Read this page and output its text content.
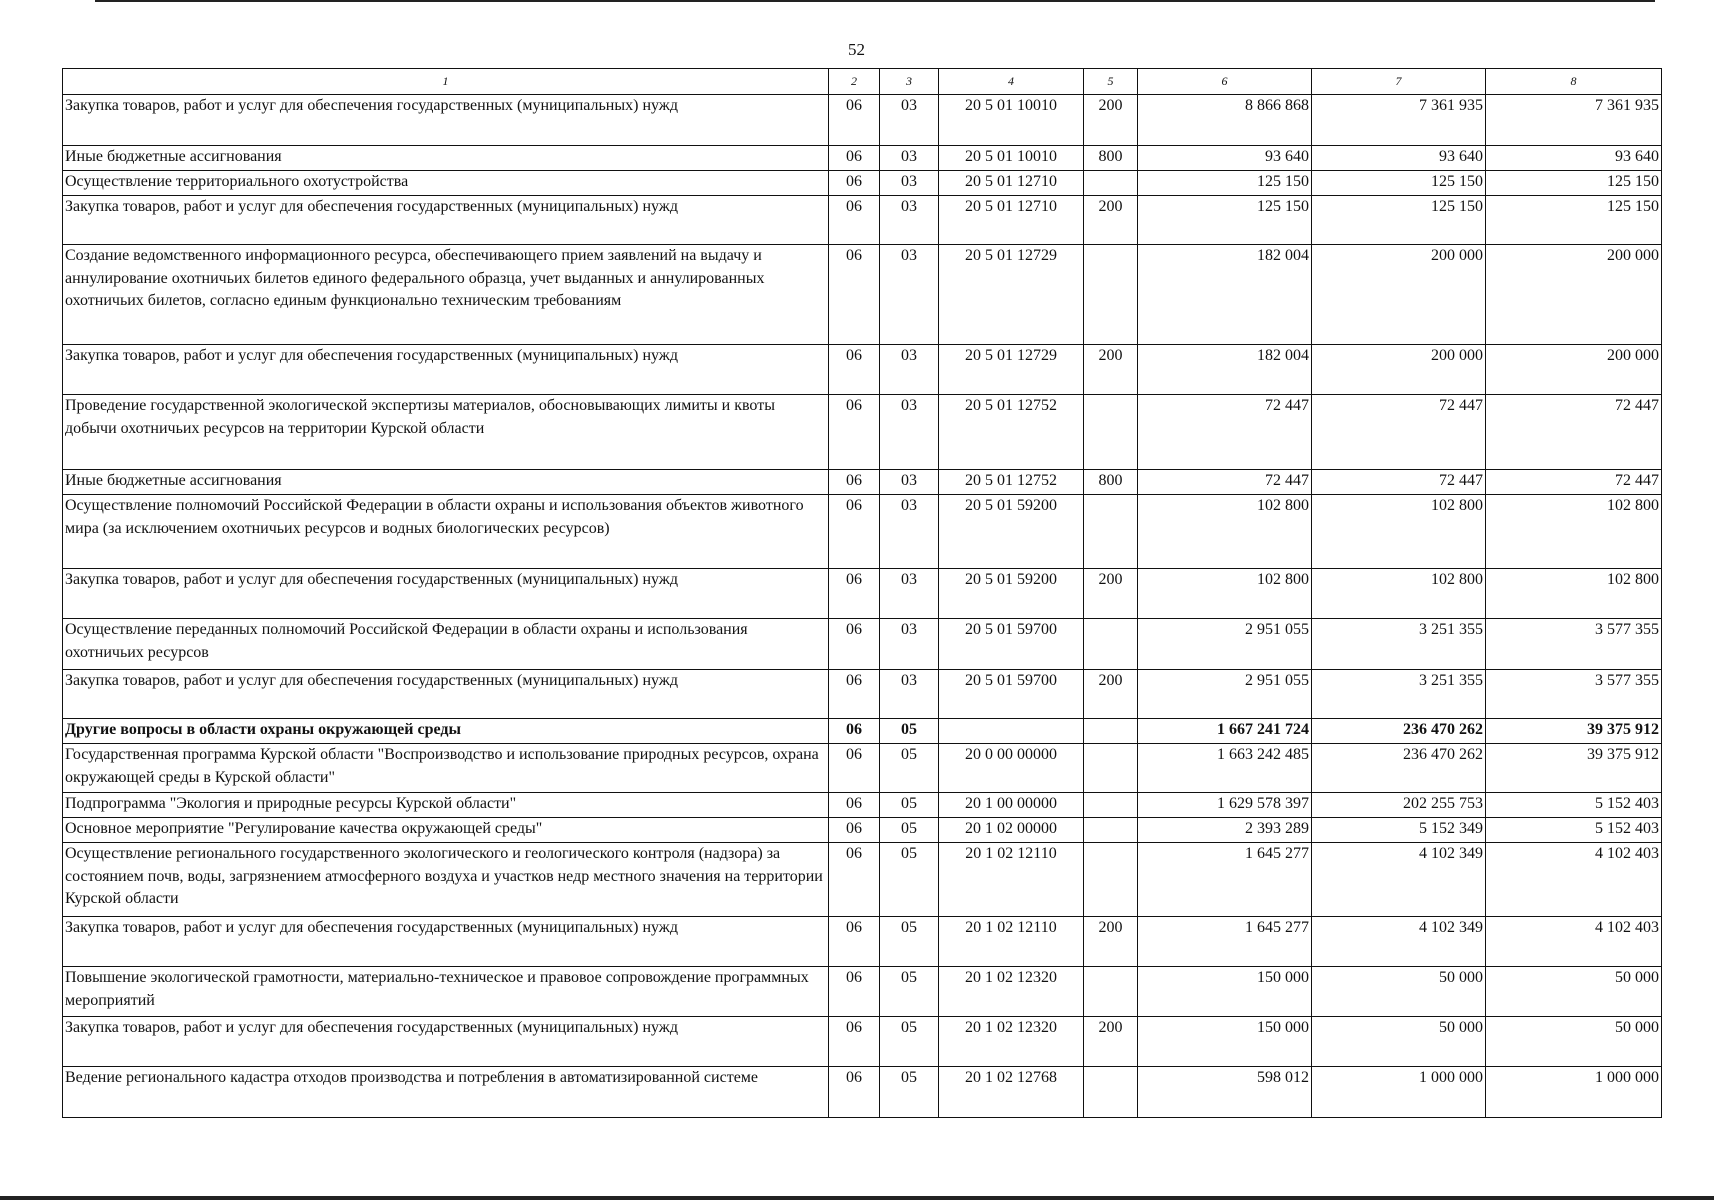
52
1	2	3	4	5	6	7	8
Закупка товаров, работ и услуг для обеспечения государственных (муниципальных) нужд	06	03	20 5 01 10010	200	8 866 868	7 361 935	7 361 935
Иные бюджетные ассигнования	06	03	20 5 01 10010	800	93 640	93 640	93 640
Осуществление территориального охотустройства	06	03	20 5 01 12710		125 150	125 150	125 150
Закупка товаров, работ и услуг для обеспечения государственных (муниципальных) нужд	06	03	20 5 01 12710	200	125 150	125 150	125 150
Создание ведомственного информационного ресурса, обеспечивающего прием заявлений на выдачу и аннулирование охотничьих билетов единого федерального образца, учет выданных и аннулированных охотничьих билетов, согласно единым функционально техническим требованиям	06	03	20 5 01 12729		182 004	200 000	200 000
Закупка товаров, работ и услуг для обеспечения государственных (муниципальных) нужд	06	03	20 5 01 12729	200	182 004	200 000	200 000
Проведение государственной экологической экспертизы материалов, обосновывающих лимиты и квоты добычи охотничьих ресурсов на территории Курской области	06	03	20 5 01 12752		72 447	72 447	72 447
Иные бюджетные ассигнования	06	03	20 5 01 12752	800	72 447	72 447	72 447
Осуществление полномочий Российской Федерации в области охраны и использования объектов животного мира (за исключением охотничьих ресурсов и водных биологических ресурсов)	06	03	20 5 01 59200		102 800	102 800	102 800
Закупка товаров, работ и услуг для обеспечения государственных (муниципальных) нужд	06	03	20 5 01 59200	200	102 800	102 800	102 800
Осуществление переданных полномочий Российской Федерации в области охраны и использования охотничьих ресурсов	06	03	20 5 01 59700		2 951 055	3 251 355	3 577 355
Закупка товаров, работ и услуг для обеспечения государственных (муниципальных) нужд	06	03	20 5 01 59700	200	2 951 055	3 251 355	3 577 355
Другие вопросы в области охраны окружающей среды	06	05			1 667 241 724	236 470 262	39 375 912
Государственная программа Курской области "Воспроизводство и использование природных ресурсов, охрана окружающей среды в Курской области"	06	05	20 0 00 00000		1 663 242 485	236 470 262	39 375 912
Подпрограмма "Экология и природные ресурсы Курской области"	06	05	20 1 00 00000		1 629 578 397	202 255 753	5 152 403
Основное мероприятие "Регулирование качества окружающей среды"	06	05	20 1 02 00000		2 393 289	5 152 349	5 152 403
Осуществление регионального государственного экологического и геологического контроля (надзора) за состоянием почв, воды, загрязнением атмосферного воздуха и участков недр местного значения на территории Курской области	06	05	20 1 02 12110		1 645 277	4 102 349	4 102 403
Закупка товаров, работ и услуг для обеспечения государственных (муниципальных) нужд	06	05	20 1 02 12110	200	1 645 277	4 102 349	4 102 403
Повышение экологической грамотности, материально-техническое и правовое сопровождение программных мероприятий	06	05	20 1 02 12320		150 000	50 000	50 000
Закупка товаров, работ и услуг для обеспечения государственных (муниципальных) нужд	06	05	20 1 02 12320	200	150 000	50 000	50 000
Ведение регионального кадастра отходов производства и потребления в автоматизированной системе	06	05	20 1 02 12768		598 012	1 000 000	1 000 000
